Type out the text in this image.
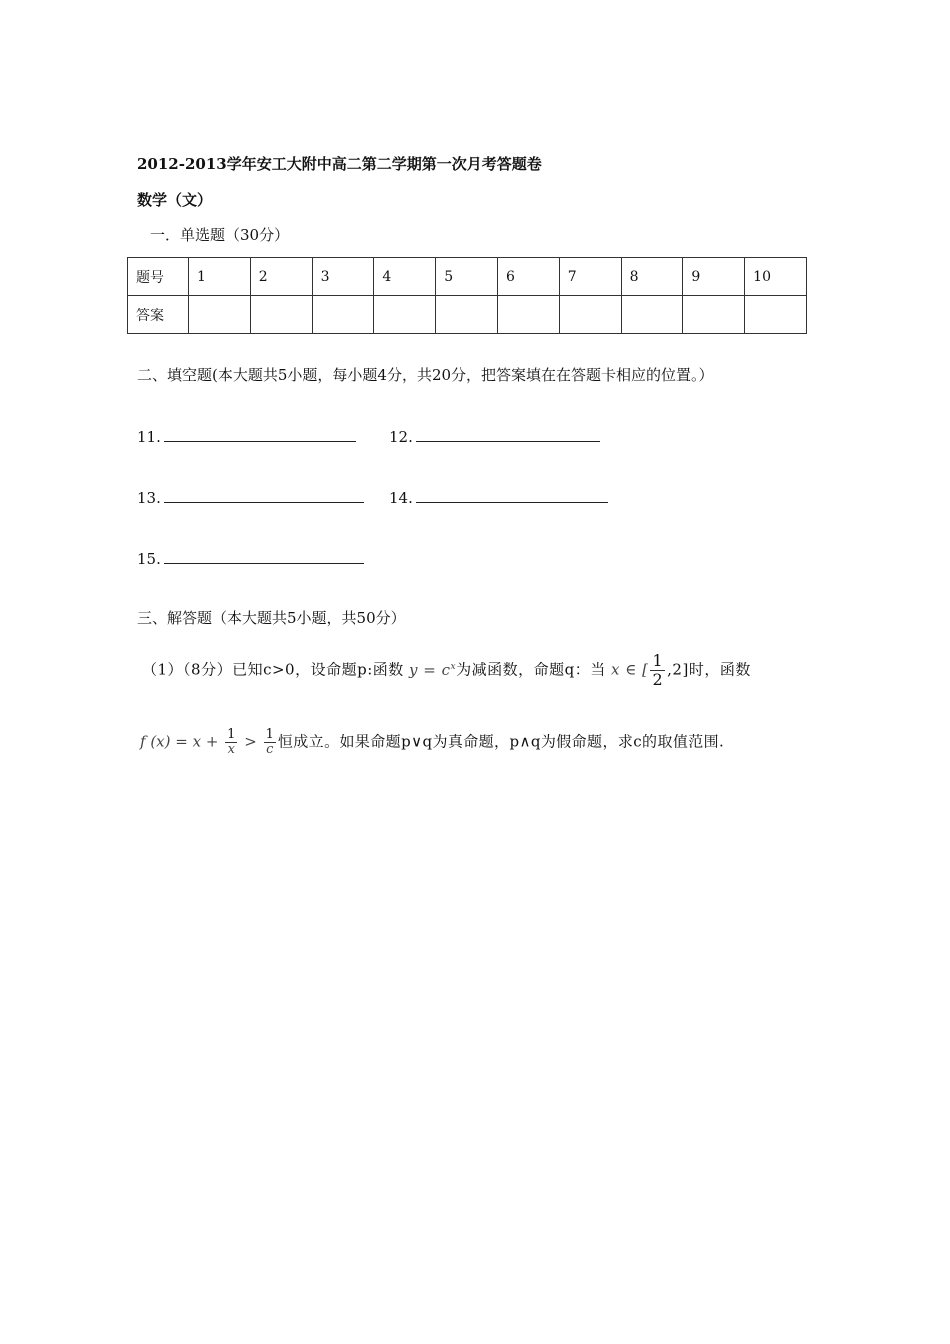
2012-2013学年安工大附中高二第二学期第一次月考答题卷
数学（文）
一．单选题（30分）
题号	1	2	3	4	5	6	7	8	9	10
答案										
二、填空题(本大题共5小题，每小题4分，共20分，把答案填在在答题卡相应的位置。）
11.	12.
13.	14.
15.
三、解答题（本大题共5小题，共50分）
（1）（8分）已知c>0，设命题p:函数 $y = c^x$为减函数，命题q：当 x ∈ [ $\frac{1}{2} ,2$]时，函数
f $(x) = x + \frac{1}{x} > \frac{1}{c}$ 恒成立。如果命题p∨q为真命题，p∧q为假命题，求c的取值范围.
